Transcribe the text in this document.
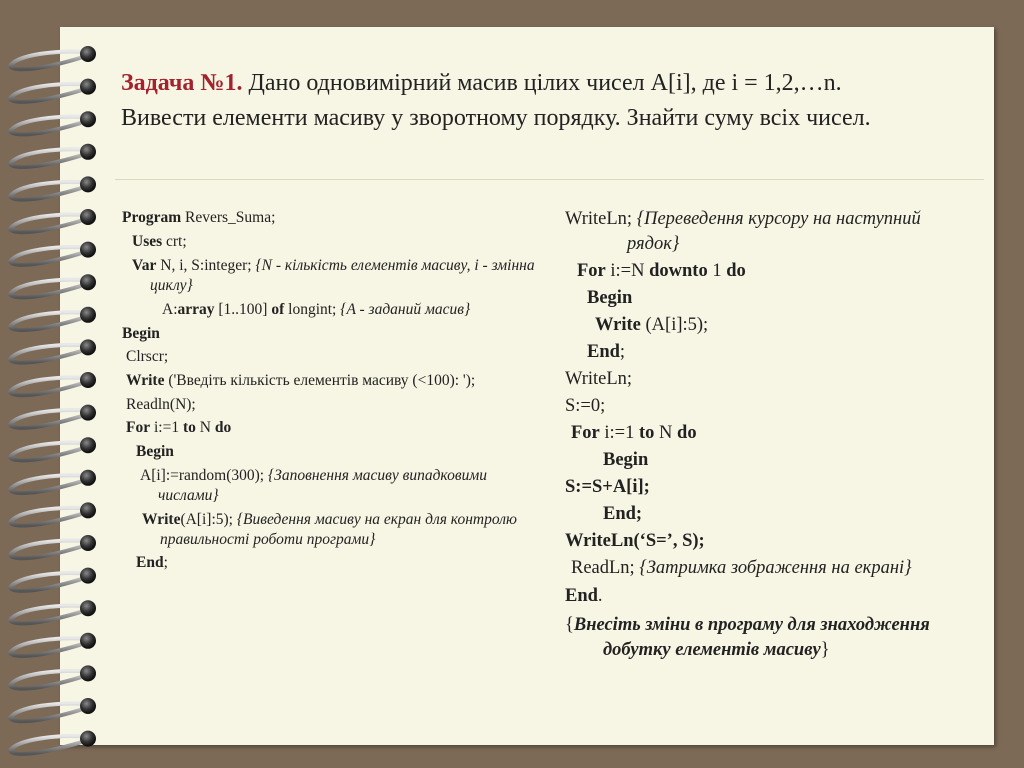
Задача №1. Дано одновимірний масив цілих чисел A[i], де i = 1,2,…n. Вивести елементи масиву у зворотному порядку. Знайти суму всіх чисел.
Program Revers_Suma;
Uses crt;
Var N, i, S:integer; {N - кількість елементів масиву, i - змінна циклу}
A:array [1..100] of longint; {A - заданий масив}
Begin
Clrscr;
Write ('Введіть кількість елементів масиву (<100): ');
Readln(N);
For i:=1 to N do
Begin
A[i]:=random(300); {Заповнення масиву випадковими числами}
Write(A[i]:5); {Виведення масиву на екран для контролю правильності роботи програми}
End;
WriteLn; {Переведення курсору на наступний
рядок}
For i:=N downto 1 do
Begin
Write (A[i]:5);
End;
WriteLn;
S:=0;
For i:=1 to N do
Begin
S:=S+A[i];
End;
WriteLn(‘S=’, S);
ReadLn; {Затримка зображення на екрані}
End.
{Внесіть зміни в програму для знаходження добутку елементів масиву}
